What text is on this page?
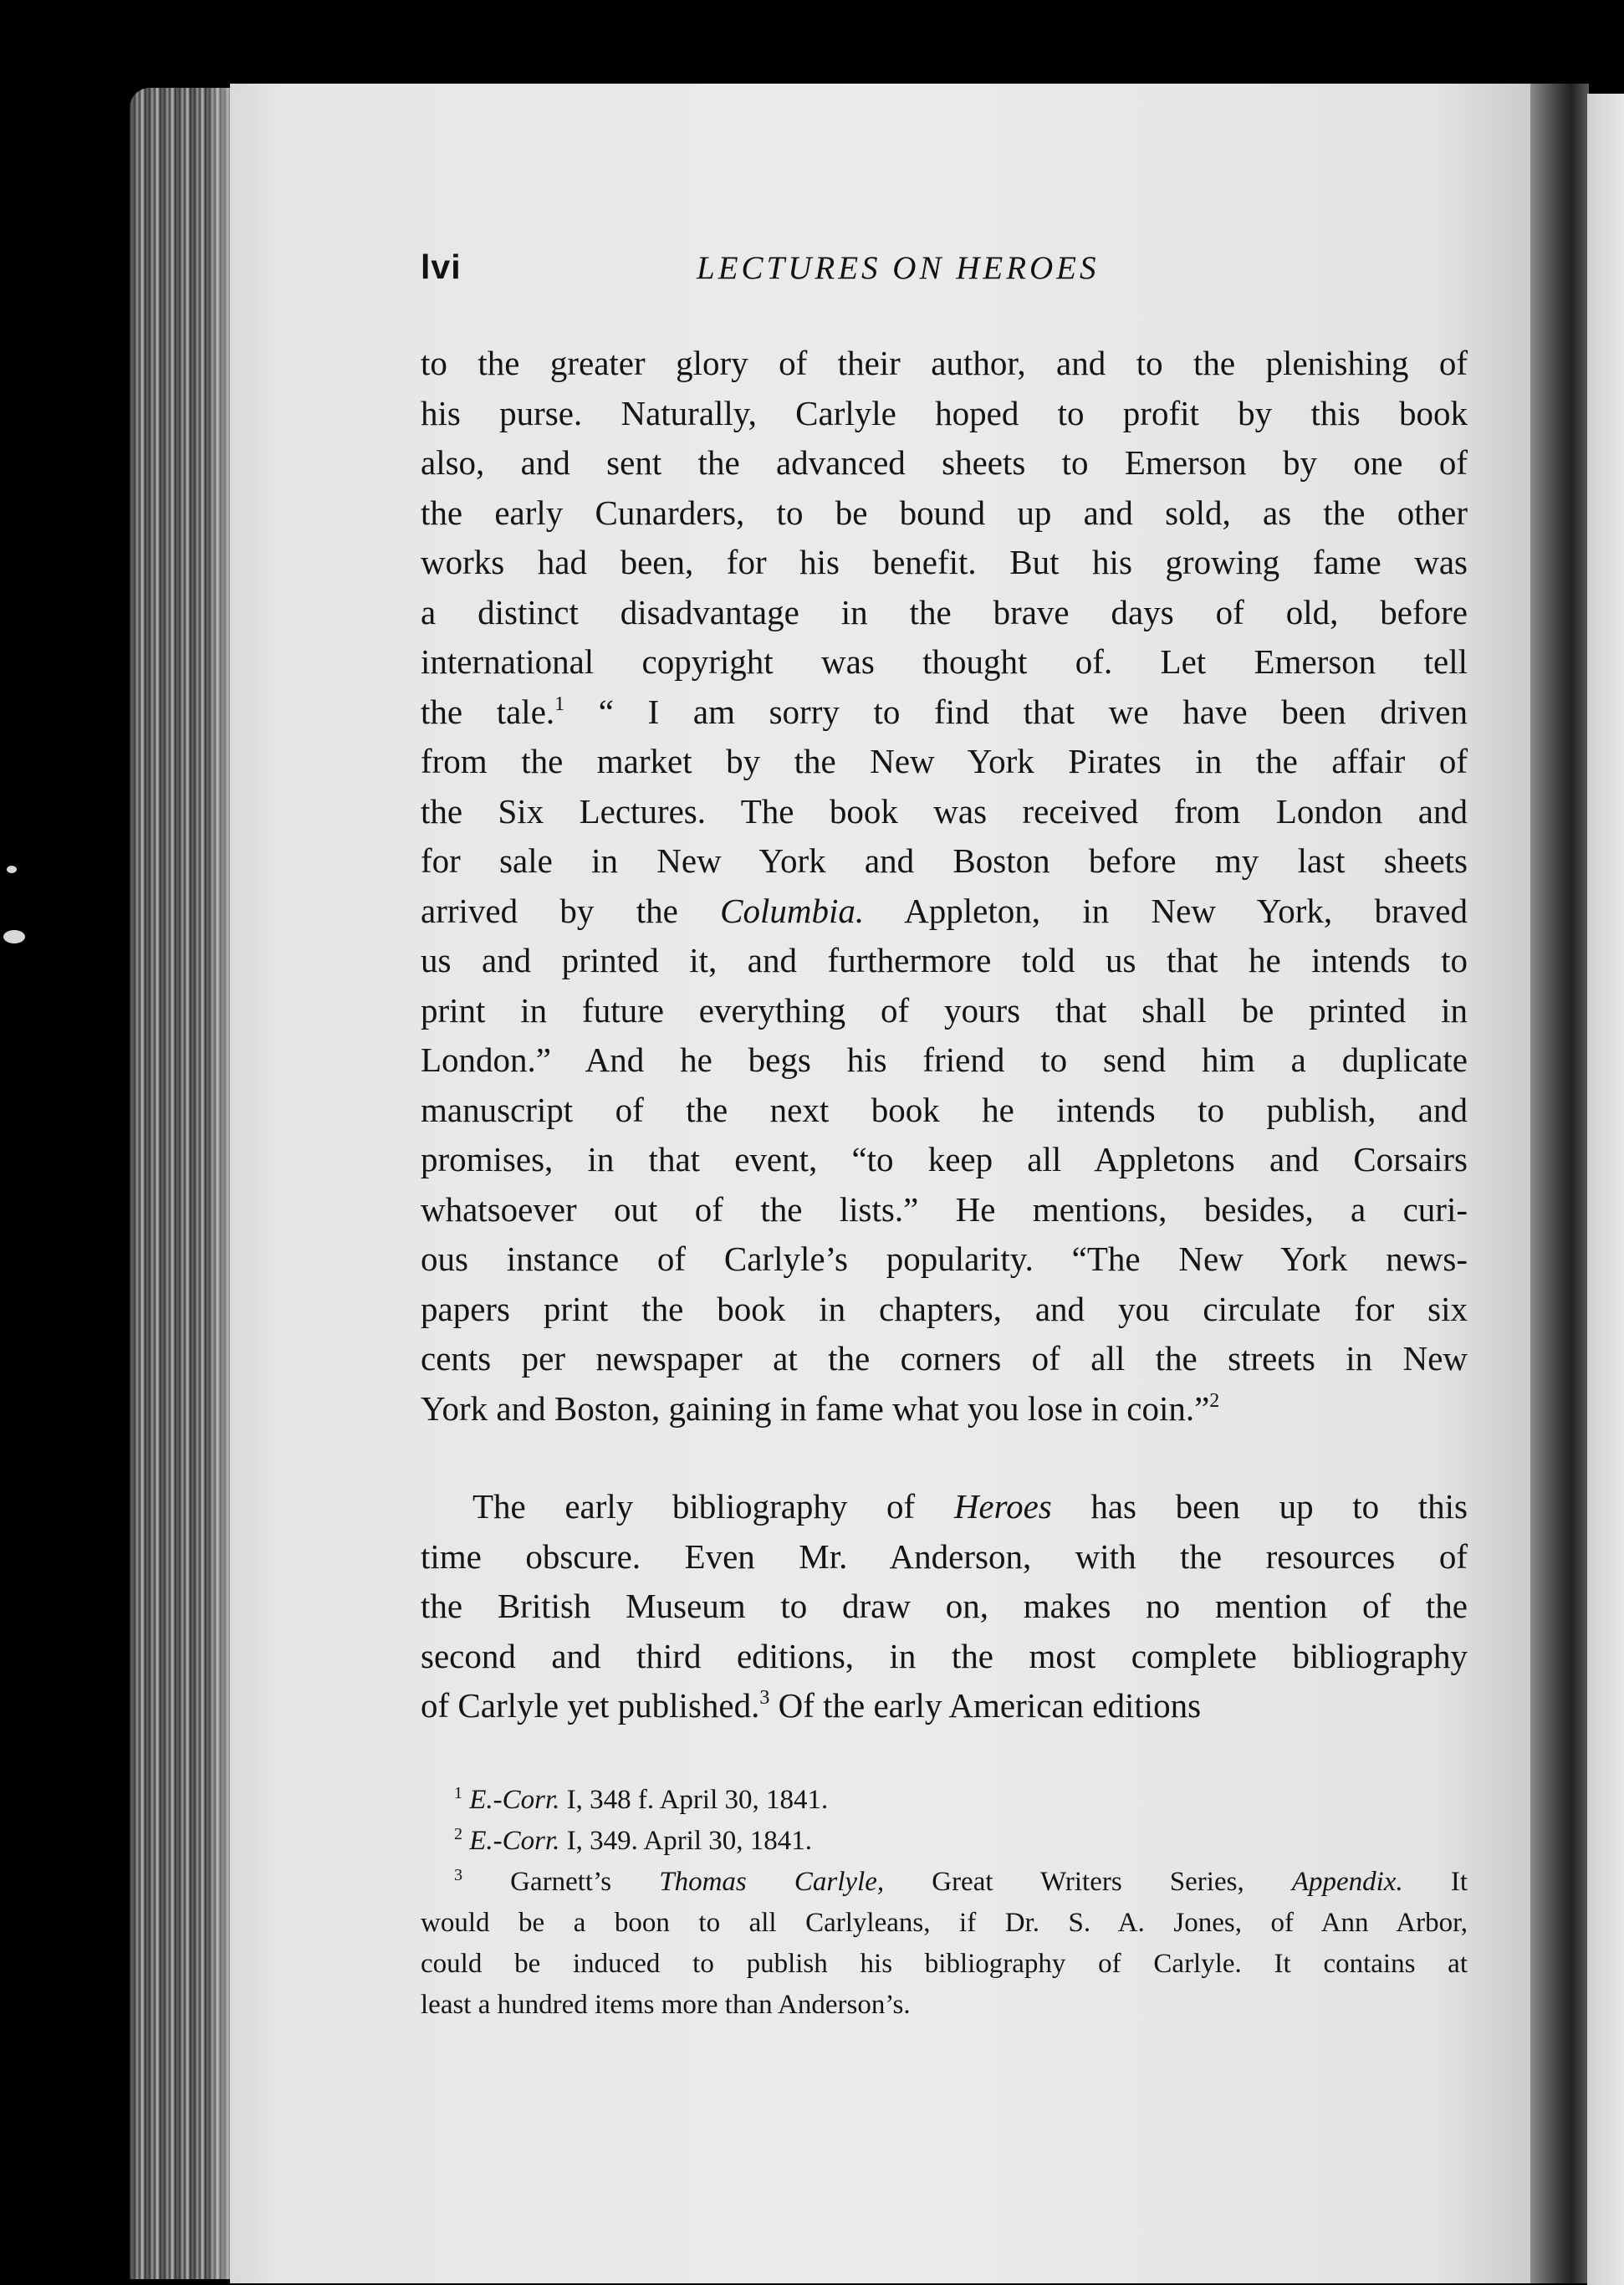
lvi	LECTURES ON HEROES
to the greater glory of their author, and to the plenishing of
his purse. Naturally, Carlyle hoped to profit by this book
also, and sent the advanced sheets to Emerson by one of
the early Cunarders, to be bound up and sold, as the other
works had been, for his benefit. But his growing fame was
a distinct disadvantage in the brave days of old, before
international copyright was thought of. Let Emerson tell
the tale.$^1$ “ I am sorry to find that we have been driven
from the market by the New York Pirates in the affair of
the Six Lectures. The book was received from London and
for sale in New York and Boston before my last sheets
arrived by the Columbia. Appleton, in New York, braved
us and printed it, and furthermore told us that he intends to
print in future everything of yours that shall be printed in
London.” And he begs his friend to send him a duplicate
manuscript of the next book he intends to publish, and
promises, in that event, “to keep all Appletons and Corsairs
whatsoever out of the lists.” He mentions, besides, a curi-
ous instance of Carlyle’s popularity. “The New York news-
papers print the book in chapters, and you circulate for six
cents per newspaper at the corners of all the streets in New
York and Boston, gaining in fame what you lose in coin.”$^2$
The early bibliography of Heroes has been up to this
time obscure. Even Mr. Anderson, with the resources of
the British Museum to draw on, makes no mention of the
second and third editions, in the most complete bibliography
of Carlyle yet published.$^3$ Of the early American editions
$^1$ E.-Corr. I, 348 f. April 30, 1841.
$^2$ E.-Corr. I, 349. April 30, 1841.
$^3$ Garnett’s Thomas Carlyle, Great Writers Series, Appendix. It
would be a boon to all Carlyleans, if Dr. S. A. Jones, of Ann Arbor,
could be induced to publish his bibliography of Carlyle. It contains at
least a hundred items more than Anderson’s.
